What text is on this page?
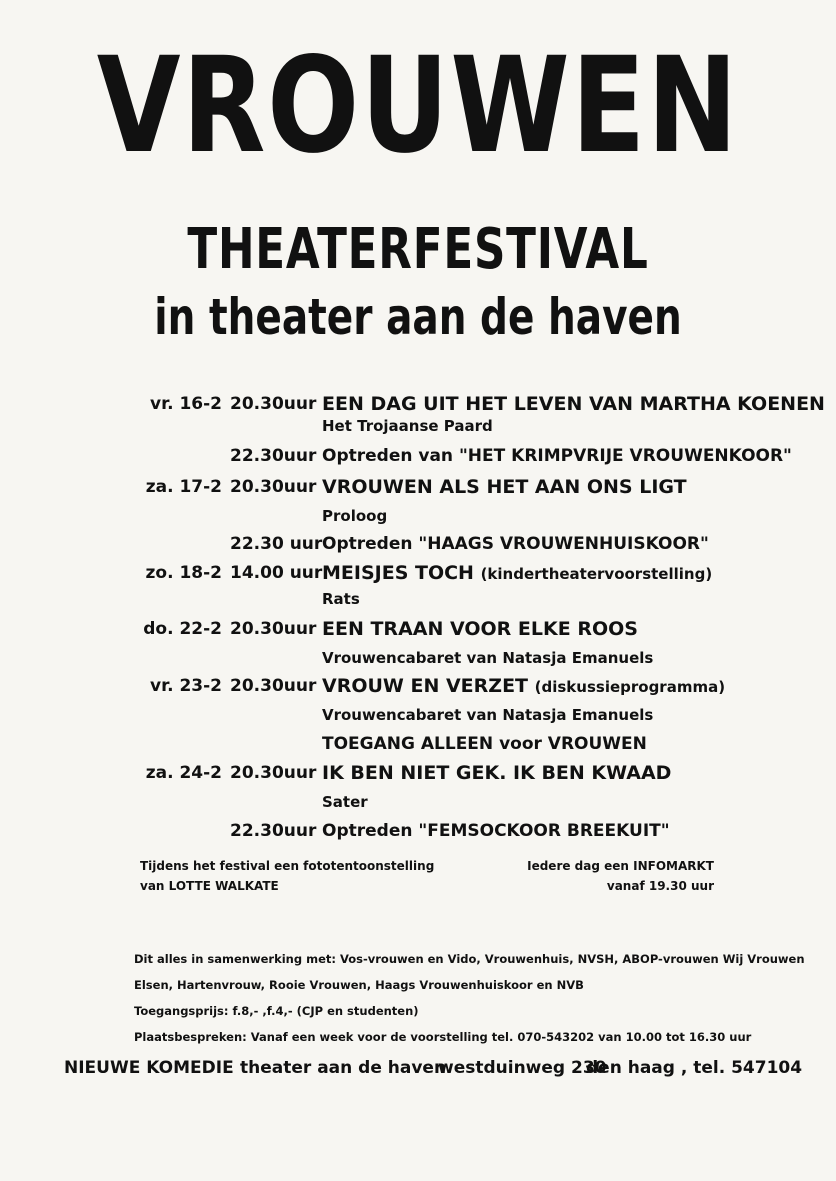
VROUWEN
THEATERFESTIVAL
in theater aan de haven
vr. 16-2 20.30uur EEN DAG UIT HET LEVEN VAN MARTHA KOENEN
Het Trojaanse Paard
22.30uur Optreden van "HET KRIMPVRIJE VROUWENKOOR"
za. 17-2 20.30uur VROUWEN ALS HET AAN ONS LIGT
Proloog
22.30 uur Optreden "HAAGS VROUWENHUISKOOR"
zo. 18-2 14.00 uur MEISJES TOCH (kindertheatervoorstelling)
Rats
do. 22-2 20.30uur EEN TRAAN VOOR ELKE ROOS
Vrouwencabaret van Natasja Emanuels
vr. 23-2 20.30uur VROUW EN VERZET (diskussieprogramma)
Vrouwencabaret van Natasja Emanuels
TOEGANG ALLEEN voor VROUWEN
za. 24-2 20.30uur IK BEN NIET GEK. IK BEN KWAAD
Sater
22.30uur Optreden "FEMSOCKOOR BREEKUIT"
Tijdens het festival een fototentoonstelling
van LOTTE WALKATE
Iedere dag een INFOMARKT
vanaf 19.30 uur
Dit alles in samenwerking met: Vos-vrouwen en Vido, Vrouwenhuis, NVSH, ABOP-vrouwen Wij Vrouwen
Elsen, Hartenvrouw, Rooie Vrouwen, Haags Vrouwenhuiskoor en NVB
Toegangsprijs: f.8,- ,f.4,- (CJP en studenten)
Plaatsbespreken: Vanaf een week voor de voorstelling tel. 070-543202 van 10.00 tot 16.30 uur
NIEUWE KOMEDIE theater aan de haven
westduinweg 230
den haag , tel. 547104
